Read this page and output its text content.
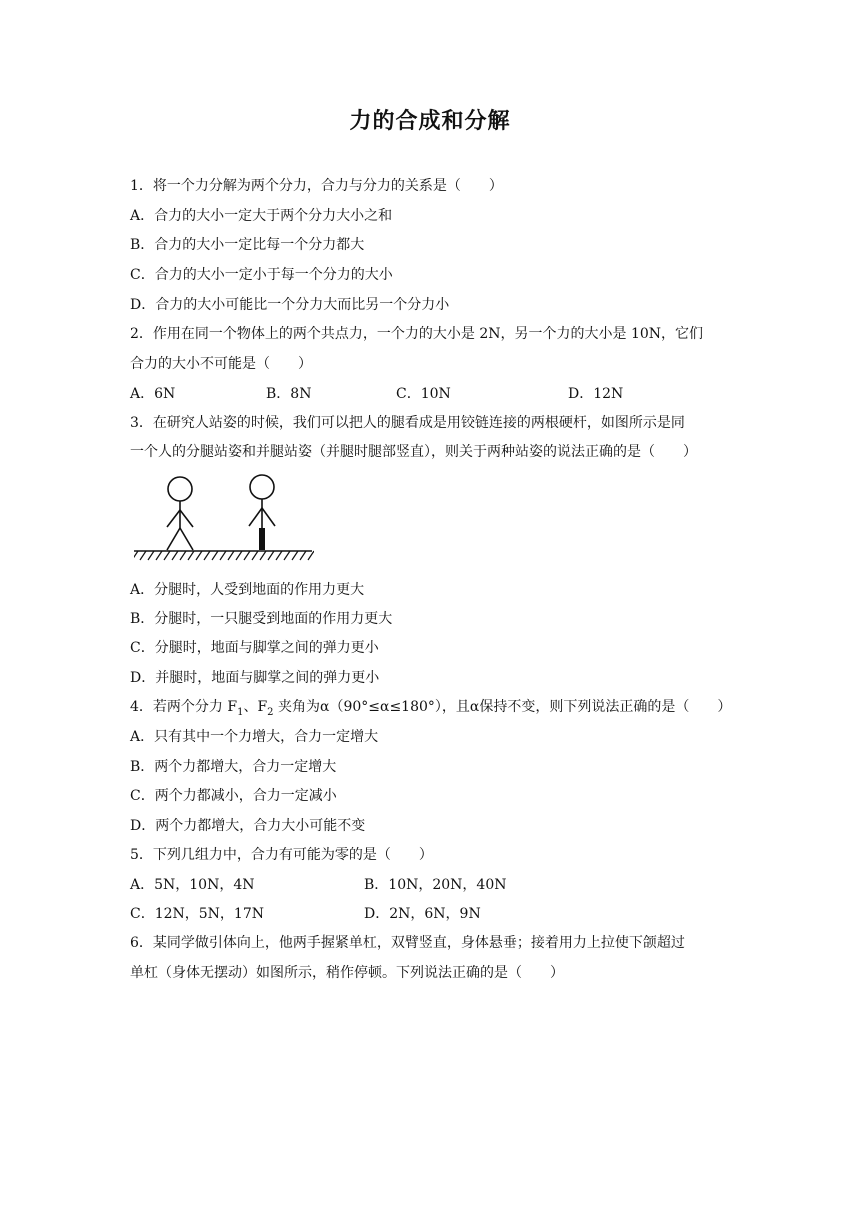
力的合成和分解
1．将一个力分解为两个分力，合力与分力的关系是（　　）
A．合力的大小一定大于两个分力大小之和
B．合力的大小一定比每一个分力都大
C．合力的大小一定小于每一个分力的大小
D．合力的大小可能比一个分力大而比另一个分力小
2．作用在同一个物体上的两个共点力，一个力的大小是 2N，另一个力的大小是 10N，它们
合力的大小不可能是（　　）
A．6N	B．8N	C．10N	D．12N
3．在研究人站姿的时候，我们可以把人的腿看成是用铰链连接的两根硬杆，如图所示是同
一个人的分腿站姿和并腿站姿（并腿时腿部竖直），则关于两种站姿的说法正确的是（　　）
A．分腿时，人受到地面的作用力更大
B．分腿时，一只腿受到地面的作用力更大
C．分腿时，地面与脚掌之间的弹力更小
D．并腿时，地面与脚掌之间的弹力更小
4．若两个分力 $F_1$、$F_2$ 夹角为α（90°≤α≤180°），且α保持不变，则下列说法正确的是（　　）
A．只有其中一个力增大，合力一定增大
B．两个力都增大，合力一定增大
C．两个力都减小，合力一定减小
D．两个力都增大，合力大小可能不变
5．下列几组力中，合力有可能为零的是（　　）
A．5N，10N，4N	B．10N，20N，40N
C．12N，5N，17N	D．2N，6N，9N
6．某同学做引体向上，他两手握紧单杠，双臂竖直，身体悬垂；接着用力上拉使下颌超过
单杠（身体无摆动）如图所示，稍作停顿。下列说法正确的是（　　）
